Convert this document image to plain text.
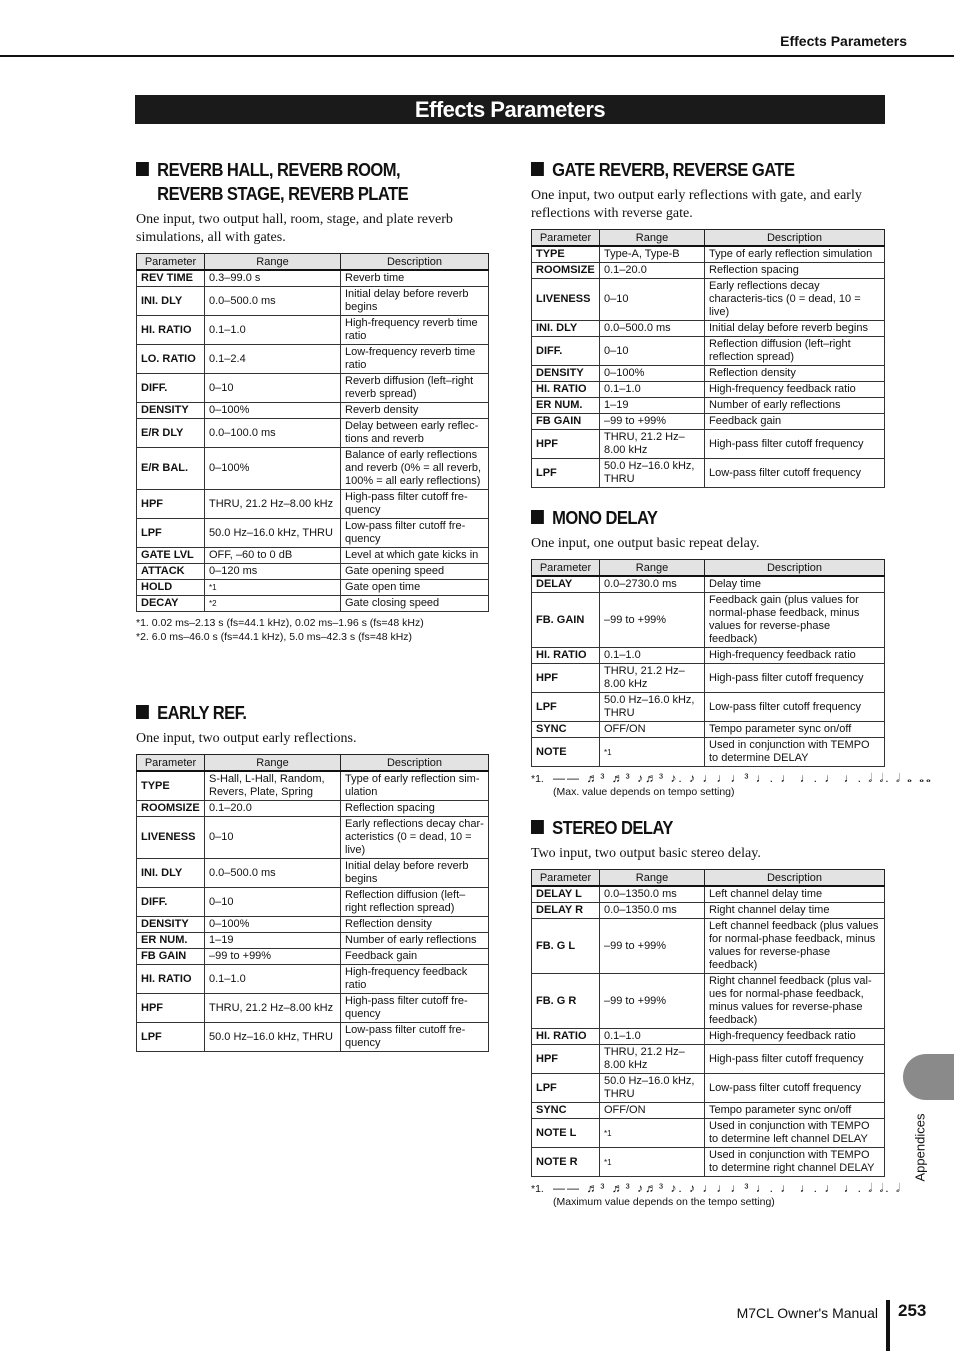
Effects Parameters
Effects Parameters
REVERB HALL, REVERB ROOM, REVERB STAGE, REVERB PLATE

One input, two output hall, room, stage, and plate reverb simulations, all with gates.

Parameter	Range	Description
REV TIME	0.3–99.0 s	Reverb time
INI. DLY	0.0–500.0 ms	Initial delay before reverb begins
HI. RATIO	0.1–1.0	High-frequency reverb time ratio
LO. RATIO	0.1–2.4	Low-frequency reverb time ratio
DIFF.	0–10	Reverb diffusion (left–right reverb spread)
DENSITY	0–100%	Reverb density
E/R DLY	0.0–100.0 ms	Delay between early reflec-tions and reverb
E/R BAL.	0–100%	Balance of early reflections and reverb (0% = all reverb, 100% = all early reflections)
HPF	THRU, 21.2 Hz–8.00 kHz	High-pass filter cutoff fre-quency
LPF	50.0 Hz–16.0 kHz, THRU	Low-pass filter cutoff fre-quency
GATE LVL	OFF, –60 to 0 dB	Level at which gate kicks in
ATTACK	0–120 ms	Gate opening speed
HOLD	*1	Gate open time
DECAY	*2	Gate closing speed
*1. 0.02 ms–2.13 s (fs=44.1 kHz), 0.02 ms–1.96 s (fs=48 kHz)
*2. 6.0 ms–46.0 s (fs=44.1 kHz), 5.0 ms–42.3 s (fs=48 kHz)
EARLY REF.

One input, two output early reflections.

Parameter	Range	Description
TYPE	S-Hall, L-Hall, Random, Revers, Plate, Spring	Type of early reflection sim-ulation
ROOMSIZE	0.1–20.0	Reflection spacing
LIVENESS	0–10	Early reflections decay char-acteristics (0 = dead, 10 = live)
INI. DLY	0.0–500.0 ms	Initial delay before reverb begins
DIFF.	0–10	Reflection diffusion (left–right reflection spread)
DENSITY	0–100%	Reflection density
ER NUM.	1–19	Number of early reflections
FB GAIN	–99 to +99%	Feedback gain
HI. RATIO	0.1–1.0	High-frequency feedback ratio
HPF	THRU, 21.2 Hz–8.00 kHz	High-pass filter cutoff fre-quency
LPF	50.0 Hz–16.0 kHz, THRU	Low-pass filter cutoff fre-quency
GATE REVERB, REVERSE GATE

One input, two output early reflections with gate, and early reflections with reverse gate.

Parameter	Range	Description
TYPE	Type-A, Type-B	Type of early reflection simulation
ROOMSIZE	0.1–20.0	Reflection spacing
LIVENESS	0–10	Early reflections decay characteris-tics (0 = dead, 10 = live)
INI. DLY	0.0–500.0 ms	Initial delay before reverb begins
DIFF.	0–10	Reflection diffusion (left–right reflection spread)
DENSITY	0–100%	Reflection density
HI. RATIO	0.1–1.0	High-frequency feedback ratio
ER NUM.	1–19	Number of early reflections
FB GAIN	–99 to +99%	Feedback gain
HPF	THRU, 21.2 Hz–8.00 kHz	High-pass filter cutoff frequency
LPF	50.0 Hz–16.0 kHz, THRU	Low-pass filter cutoff frequency
MONO DELAY

One input, one output basic repeat delay.

Parameter	Range	Description
DELAY	0.0–2730.0 ms	Delay time
FB. GAIN	–99 to +99%	Feedback gain (plus values for normal-phase feedback, minus values for reverse-phase feedback)
HI. RATIO	0.1–1.0	High-frequency feedback ratio
HPF	THRU, 21.2 Hz–8.00 kHz	High-pass filter cutoff frequency
LPF	50.0 Hz–16.0 kHz, THRU	Low-pass filter cutoff frequency
SYNC	OFF/ON	Tempo parameter sync on/off
NOTE	*1	Used in conjunction with TEMPO to determine DELAY
*1. —— ♬³ ♬³ ♪♬³ ♪. ♪ ♩♩♩³ ♩. ♩ ♩. ♩ ♩. 𝅗𝅥 𝅗𝅥. 𝅗𝅥 𝅝 𝅝𝅝
(Max. value depends on tempo setting)
STEREO DELAY

Two input, two output basic stereo delay.

Parameter	Range	Description
DELAY L	0.0–1350.0 ms	Left channel delay time
DELAY R	0.0–1350.0 ms	Right channel delay time
FB. G L	–99 to +99%	Left channel feedback (plus values for normal-phase feedback, minus values for reverse-phase feedback)
FB. G R	–99 to +99%	Right channel feedback (plus val-ues for normal-phase feedback, minus values for reverse-phase feedback)
HI. RATIO	0.1–1.0	High-frequency feedback ratio
HPF	THRU, 21.2 Hz–8.00 kHz	High-pass filter cutoff frequency
LPF	50.0 Hz–16.0 kHz, THRU	Low-pass filter cutoff frequency
SYNC	OFF/ON	Tempo parameter sync on/off
NOTE L	*1	Used in conjunction with TEMPO to determine left channel DELAY
NOTE R	*1	Used in conjunction with TEMPO to determine right channel DELAY
*1. —— ♬³ ♬³ ♪♬³ ♪. ♪ ♩♩♩³ ♩. ♩ ♩. ♩ ♩. 𝅗𝅥 𝅗𝅥. 𝅗𝅥
(Maximum value depends on the tempo setting)
Appendices
M7CL Owner's Manual 253
